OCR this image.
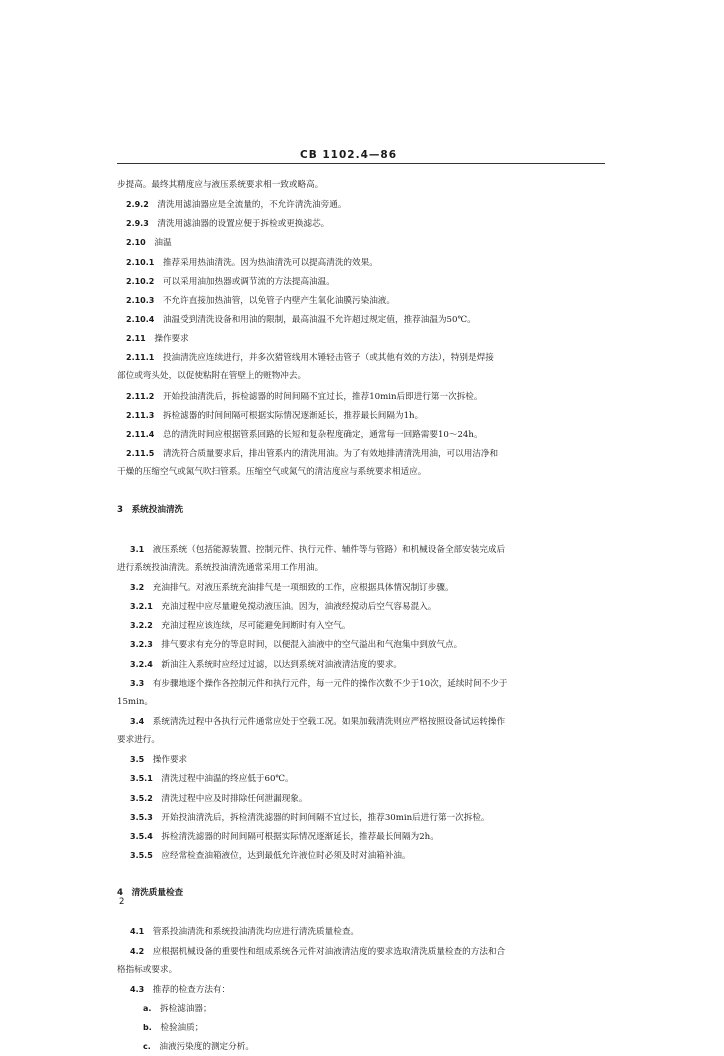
CB 1102.4—86
步提高。最终其精度应与液压系统要求相一致或略高。
2.9.2   清洗用滤油器应是全流量的，不允许清洗油旁通。
2.9.3   清洗用滤油器的设置应便于拆检或更换滤芯。
2.10   油温
2.10.1   推荐采用热油清洗。因为热油清洗可以提高清洗的效果。
2.10.2   可以采用油加热器或调节流的方法提高油温。
2.10.3   不允许直接加热油管，以免管子内壁产生氧化油膜污染油液。
2.10.4   油温受到清洗设备和用油的限制，最高油温不允许超过规定值，推荐油温为50℃。
2.11   操作要求
2.11.1   投油清洗应连续进行，并多次猎管线用木锤轻击管子（或其他有效的方法），特别是焊接
部位或弯头处，以促使粘附在管壁上的赃物冲去。
2.11.2   开始投油清洗后，拆检滤器的时间间隔不宜过长，推荐10min后即进行第一次拆检。
2.11.3   拆检滤器的时间间隔可根据实际情况逐渐延长，推荐最长间隔为1h。
2.11.4   总的清洗时间应根据管系回路的长短和复杂程度确定，通常每一回路需要10～24h。
2.11.5   清洗符合质量要求后，排出管系内的清洗用油。为了有效地排清清洗用油，可以用洁净和
干燥的压缩空气或氮气吹扫管系。压缩空气或氮气的清洁度应与系统要求相适应。
3   系统投油清洗
3.1   液压系统（包括能源装置、控制元件、执行元件、辅件等与管路）和机械设备全部安装完成后
进行系统投油清洗。系统投油清洗通常采用工作用油。
3.2   充油排气。对液压系统充油排气是一项细致的工作，应根据具体情况制订步骤。
3.2.1   充油过程中应尽量避免搅动液压油。因为，油液经搅动后空气容易混入。
3.2.2   充油过程应该连续，尽可能避免间断时有入空气。
3.2.3   排气要求有充分的等息时间，以便混入油液中的空气溢出和气泡集中到放气点。
3.2.4   新油注入系统时应经过过滤，以达到系统对油液清洁度的要求。
3.3   有步骤地逐个操作各控制元件和执行元件，每一元件的操作次数不少于10次，延续时间不少于
15min。
3.4   系统清洗过程中各执行元件通常应处于空载工况。如果加载清洗则应严格按照设备试运转操作
要求进行。
3.5   操作要求
3.5.1   清洗过程中油温的终应低于60℃。
3.5.2   清洗过程中应及时排除任何泄漏现象。
3.5.3   开始投油清洗后，拆检清洗滤器的时间间隔不宜过长，推荐30min后进行第一次拆检。
3.5.4   拆检清洗滤器的时间间隔可根据实际情况逐渐延长，推荐最长间隔为2h。
3.5.5   应经常检查油箱液位，达到最低允许液位时必须及时对油箱补油。
4   清洗质量检查
4.1   管系投油清洗和系统投油清洗均应进行清洗质量检查。
4.2   应根据机械设备的重要性和组成系统各元件对油液清洁度的要求选取清洗质量检查的方法和合
格指标或要求。
4.3   推荐的检查方法有：
a.   拆检滤油器；
b.   检验油质；
c.   油液污染度的测定分析。
2
